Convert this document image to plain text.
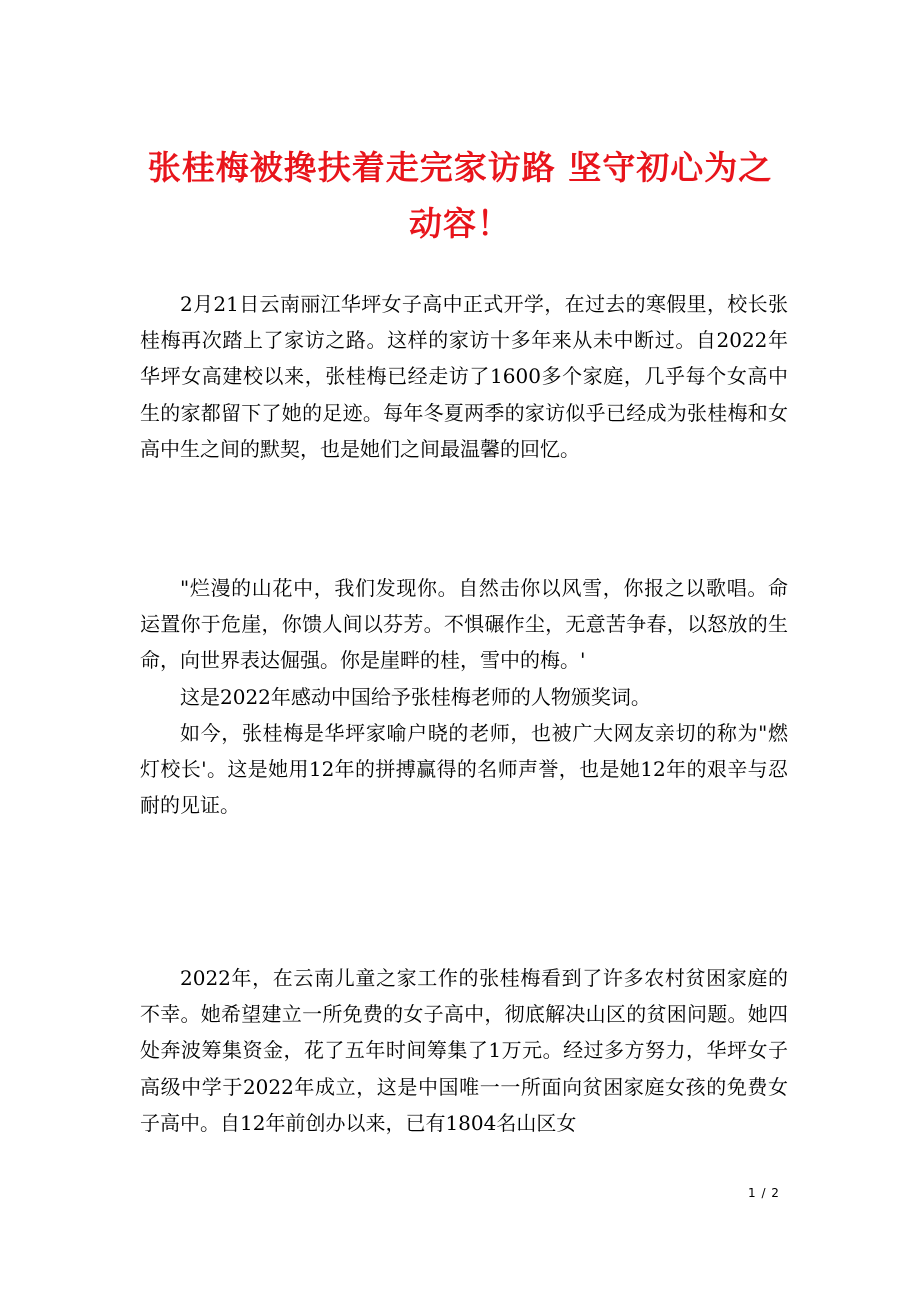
张桂梅被搀扶着走完家访路 坚守初心为之动容！

2月21日云南丽江华坪女子高中正式开学，在过去的寒假里，校长张桂梅再次踏上了家访之路。这样的家访十多年来从未中断过。自2022年华坪女高建校以来，张桂梅已经走访了1600多个家庭，几乎每个女高中生的家都留下了她的足迹。每年冬夏两季的家访似乎已经成为张桂梅和女高中生之间的默契，也是她们之间最温馨的回忆。

"烂漫的山花中，我们发现你。自然击你以风雪，你报之以歌唱。命运置你于危崖，你馈人间以芬芳。不惧碾作尘，无意苦争春，以怒放的生命，向世界表达倔强。你是崖畔的桂，雪中的梅。'

这是2022年感动中国给予张桂梅老师的人物颁奖词。

如今，张桂梅是华坪家喻户晓的老师，也被广大网友亲切的称为"燃灯校长'。这是她用12年的拼搏赢得的名师声誉，也是她12年的艰辛与忍耐的见证。

2022年，在云南儿童之家工作的张桂梅看到了许多农村贫困家庭的不幸。她希望建立一所免费的女子高中，彻底解决山区的贫困问题。她四处奔波筹集资金，花了五年时间筹集了1万元。经过多方努力，华坪女子高级中学于2022年成立，这是中国唯一一所面向贫困家庭女孩的免费女子高中。自12年前创办以来，已有1804名山区女

1 / 2
